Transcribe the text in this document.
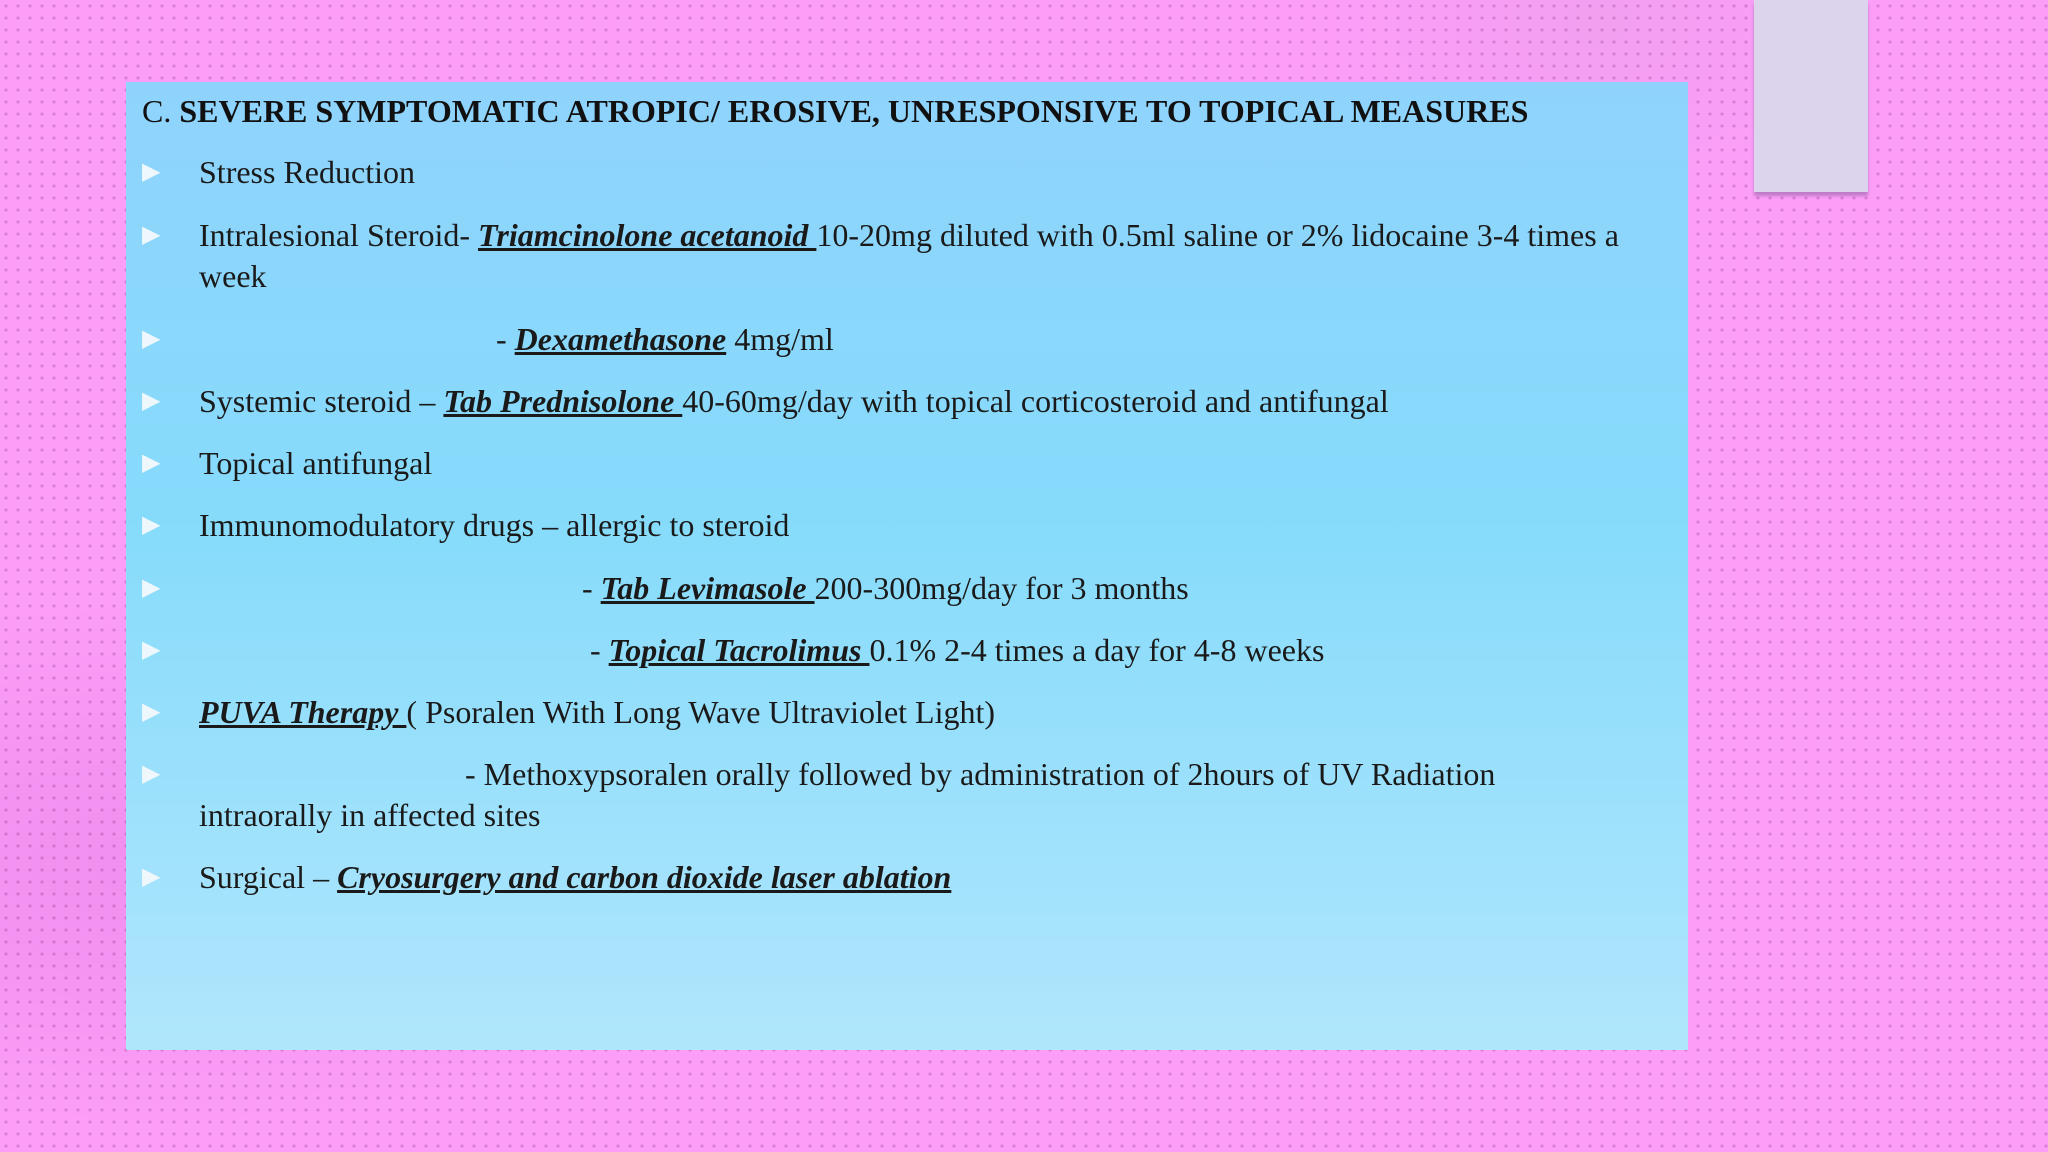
C. SEVERE SYMPTOMATIC ATROPIC/ EROSIVE, UNRESPONSIVE TO TOPICAL MEASURES
▶ Stress Reduction
▶ Intralesional Steroid- Triamcinolone acetanoid 10-20mg diluted with 0.5ml saline or 2% lidocaine 3-4 times a week
▶	- Dexamethasone 4mg/ml
▶ Systemic steroid – Tab Prednisolone 40-60mg/day with topical corticosteroid and antifungal
▶ Topical antifungal
▶ Immunomodulatory drugs – allergic to steroid
▶	- Tab Levimasole 200-300mg/day for 3 months
▶	- Topical Tacrolimus 0.1% 2-4 times a day for 4-8 weeks
▶ PUVA Therapy ( Psoralen With Long Wave Ultraviolet Light)
▶	- Methoxypsoralen orally followed by administration of 2hours of UV Radiation
intraorally in affected sites
▶ Surgical – Cryosurgery and carbon dioxide laser ablation
